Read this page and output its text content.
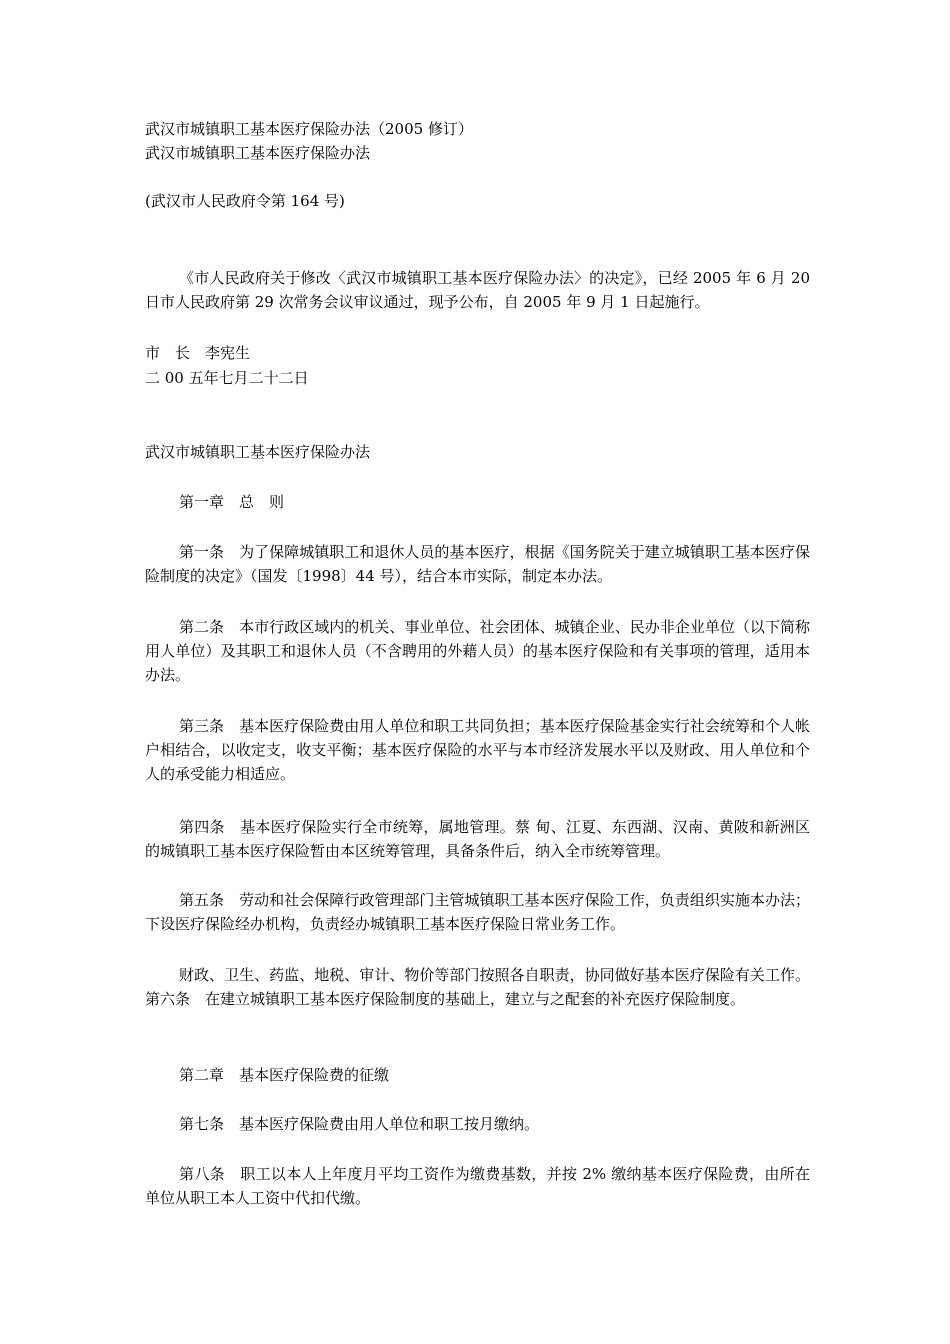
武汉市城镇职工基本医疗保险办法（2005 修订）
武汉市城镇职工基本医疗保险办法
(武汉市人民政府令第 164 号)
《市人民政府关于修改〈武汉市城镇职工基本医疗保险办法〉的决定》，已经 2005 年 6 月 20 日市人民政府第 29 次常务会议审议通过，现予公布，自 2005 年 9 月 1 日起施行。
市　长　李宪生
二 00 五年七月二十二日
武汉市城镇职工基本医疗保险办法
第一章　总　则
第一条　为了保障城镇职工和退休人员的基本医疗，根据《国务院关于建立城镇职工基本医疗保险制度的决定》（国发〔1998〕44 号），结合本市实际，制定本办法。
第二条　本市行政区域内的机关、事业单位、社会团体、城镇企业、民办非企业单位（以下简称用人单位）及其职工和退休人员（不含聘用的外藉人员）的基本医疗保险和有关事项的管理，适用本办法。
第三条　基本医疗保险费由用人单位和职工共同负担；基本医疗保险基金实行社会统筹和个人帐户相结合，以收定支，收支平衡；基本医疗保险的水平与本市经济发展水平以及财政、用人单位和个人的承受能力相适应。
第四条　基本医疗保险实行全市统筹，属地管理。蔡 甸、江夏、东西湖、汉南、黄陂和新洲区的城镇职工基本医疗保险暂由本区统筹管理，具备条件后，纳入全市统筹管理。
第五条　劳动和社会保障行政管理部门主管城镇职工基本医疗保险工作，负责组织实施本办法；下设医疗保险经办机构，负责经办城镇职工基本医疗保险日常业务工作。
财政、卫生、药监、地税、审计、物价等部门按照各自职责，协同做好基本医疗保险有关工作。第六条　在建立城镇职工基本医疗保险制度的基础上，建立与之配套的补充医疗保险制度。
第二章　基本医疗保险费的征缴
第七条　基本医疗保险费由用人单位和职工按月缴纳。
第八条　职工以本人上年度月平均工资作为缴费基数，并按 2% 缴纳基本医疗保险费，由所在单位从职工本人工资中代扣代缴。
